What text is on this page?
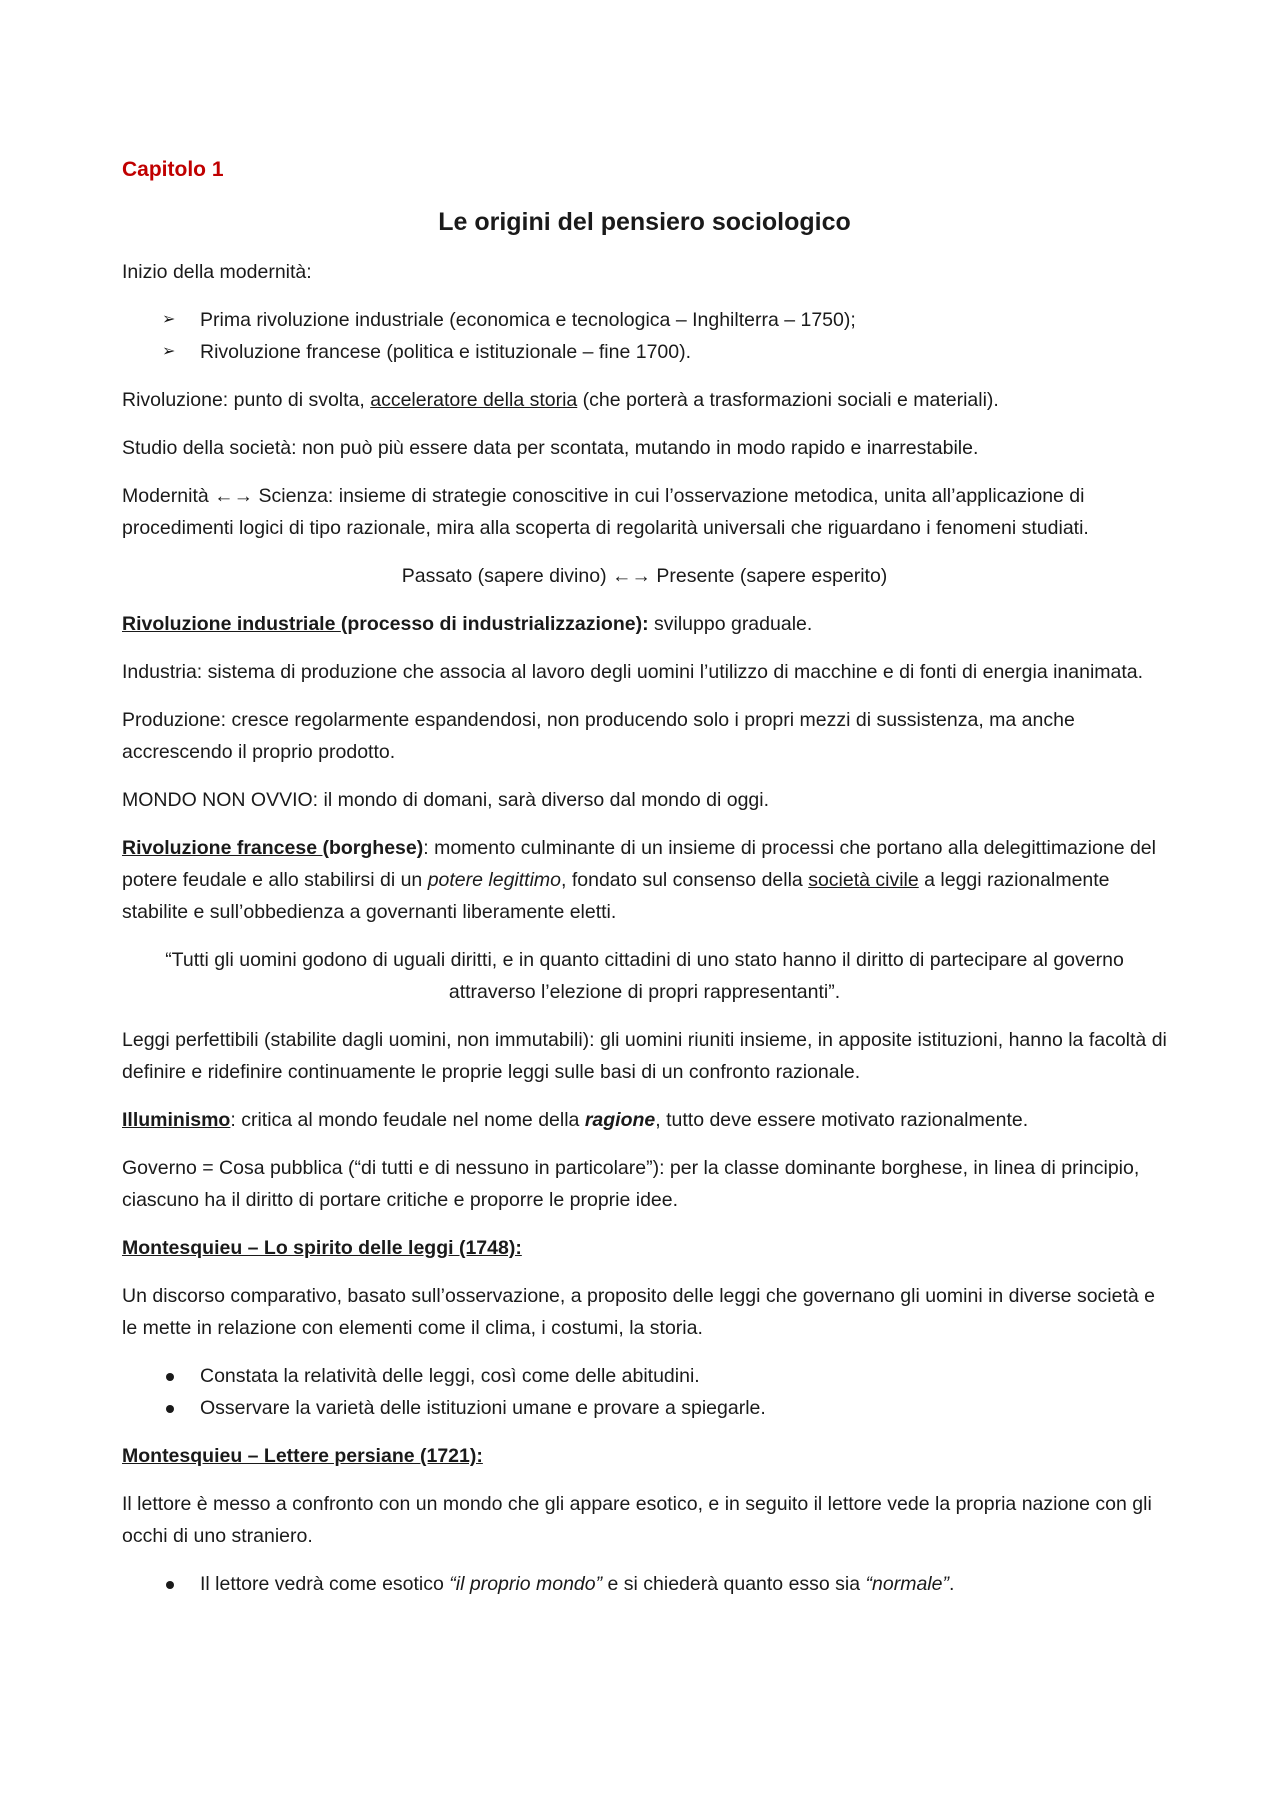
Capitolo 1

Le origini del pensiero sociologico

Inizio della modernità:

➢	Prima rivoluzione industriale (economica e tecnologica – Inghilterra – 1750);
➢	Rivoluzione francese (politica e istituzionale – fine 1700).

Rivoluzione: punto di svolta, acceleratore della storia (che porterà a trasformazioni sociali e materiali).

Studio della società: non può più essere data per scontata, mutando in modo rapido e inarrestabile.

Modernità ←→ Scienza: insieme di strategie conoscitive in cui l’osservazione metodica, unita all’applicazione di procedimenti logici di tipo razionale, mira alla scoperta di regolarità universali che riguardano i fenomeni studiati.

Passato (sapere divino) ←→ Presente (sapere esperito)

Rivoluzione industriale (processo di industrializzazione): sviluppo graduale.

Industria: sistema di produzione che associa al lavoro degli uomini l’utilizzo di macchine e di fonti di energia inanimata.

Produzione: cresce regolarmente espandendosi, non producendo solo i propri mezzi di sussistenza, ma anche accrescendo il proprio prodotto.

MONDO NON OVVIO: il mondo di domani, sarà diverso dal mondo di oggi.

Rivoluzione francese (borghese): momento culminante di un insieme di processi che portano alla delegittimazione del potere feudale e allo stabilirsi di un potere legittimo, fondato sul consenso della società civile a leggi razionalmente stabilite e sull’obbedienza a governanti liberamente eletti.

“Tutti gli uomini godono di uguali diritti, e in quanto cittadini di uno stato hanno il diritto di partecipare al governo attraverso l’elezione di propri rappresentanti”.

Leggi perfettibili (stabilite dagli uomini, non immutabili): gli uomini riuniti insieme, in apposite istituzioni, hanno la facoltà di definire e ridefinire continuamente le proprie leggi sulle basi di un confronto razionale.

Illuminismo: critica al mondo feudale nel nome della ragione, tutto deve essere motivato razionalmente.

Governo = Cosa pubblica (“di tutti e di nessuno in particolare”): per la classe dominante borghese, in linea di principio, ciascuno ha il diritto di portare critiche e proporre le proprie idee.

Montesquieu – Lo spirito delle leggi (1748):

Un discorso comparativo, basato sull’osservazione, a proposito delle leggi che governano gli uomini in diverse società e le mette in relazione con elementi come il clima, i costumi, la storia.

Constata la relatività delle leggi, così come delle abitudini.
Osservare la varietà delle istituzioni umane e provare a spiegarle.

Montesquieu – Lettere persiane (1721):

Il lettore è messo a confronto con un mondo che gli appare esotico, e in seguito il lettore vede la propria nazione con gli occhi di uno straniero.

Il lettore vedrà come esotico “il proprio mondo” e si chiederà quanto esso sia “normale”.
